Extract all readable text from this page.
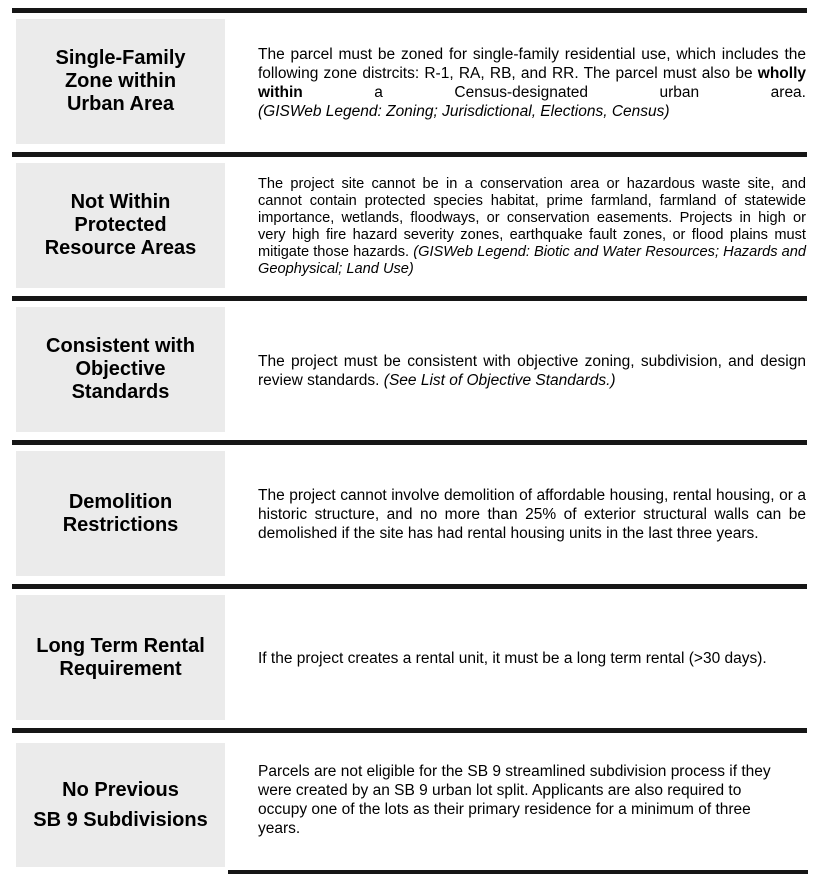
Single-Family
Zone within
Urban Area
The parcel must be zoned for single-family residential use, which includes the following zone distrcits: R-1, RA, RB, and RR. The parcel must also be wholly within a Census-designated urban area.
(GISWeb Legend: Zoning; Jurisdictional, Elections, Census)
Not Within
Protected
Resource Areas

The project site cannot be in a conservation area or hazardous waste site, and cannot contain protected species habitat, prime farmland, farmland of statewide importance, wetlands, floodways, or conservation easements. Projects in high or very high fire hazard severity zones, earthquake fault zones, or flood plains must mitigate those hazards. (GISWeb Legend: Biotic and Water Resources; Hazards and Geophysical; Land Use)

Consistent with
Objective
Standards

The project must be consistent with objective zoning, subdivision, and design review standards. (See List of Objective Standards.)

Demolition
Restrictions

The project cannot involve demolition of affordable housing, rental housing, or a historic structure, and no more than 25% of exterior structural walls can be demolished if the site has had rental housing units in the last three years.

Long Term Rental
Requirement	If the project creates a rental unit, it must be a long term rental (>30 days).

No Previous
SB 9 Subdivisions

Parcels are not eligible for the SB 9 streamlined subdivision process if they were created by an SB 9 urban lot split. Applicants are also required to occupy one of the lots as their primary residence for a minimum of three years.
